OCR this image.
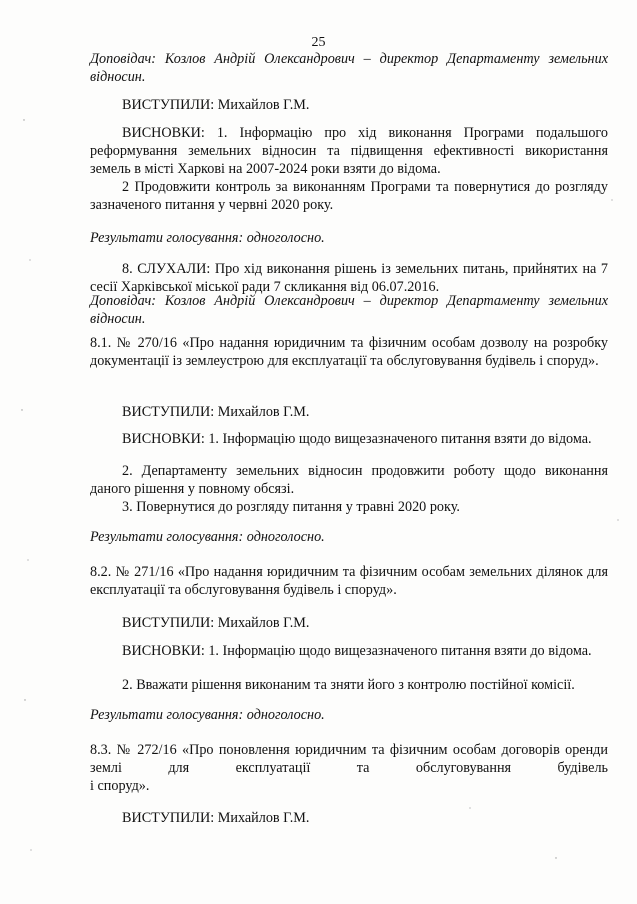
25

Доповідач: Козлов Андрій Олександрович – директор Департаменту земельних відносин.

ВИСТУПИЛИ: Михайлов Г.М.

ВИСНОВКИ: 1. Інформацію про хід виконання Програми подальшого реформування земельних відносин та підвищення ефективності використання земель в місті Харкові на 2007-2024 роки взяти до відома.

2 Продовжити контроль за виконанням Програми та повернутися до розгляду зазначеного питання у червні 2020 року.

Результати голосування: одноголосно.

8. СЛУХАЛИ: Про хід виконання рішень із земельних питань, прийнятих на 7 сесії Харківської міської ради 7 скликання від 06.07.2016.

Доповідач: Козлов Андрій Олександрович – директор Департаменту земельних відносин.

8.1. № 270/16 «Про надання юридичним та фізичним особам дозволу на розробку документації із землеустрою для експлуатації та обслуговування будівель і споруд».

ВИСТУПИЛИ: Михайлов Г.М.

ВИСНОВКИ: 1. Інформацію щодо вищезазначеного питання взяти до відома.

2. Департаменту земельних відносин продовжити роботу щодо виконання даного рішення у повному обсязі.

3. Повернутися до розгляду питання у травні 2020 року.

Результати голосування: одноголосно.

8.2. № 271/16 «Про надання юридичним та фізичним особам земельних ділянок для експлуатації та обслуговування будівель і споруд».

ВИСТУПИЛИ: Михайлов Г.М.

ВИСНОВКИ: 1. Інформацію щодо вищезазначеного питання взяти до відома.

2. Вважати рішення виконаним та зняти його з контролю постійної комісії.

Результати голосування: одноголосно.

8.3. № 272/16 «Про поновлення юридичним та фізичним особам договорів оренди землі для експлуатації та обслуговування будівель

і споруд».

ВИСТУПИЛИ: Михайлов Г.М.
